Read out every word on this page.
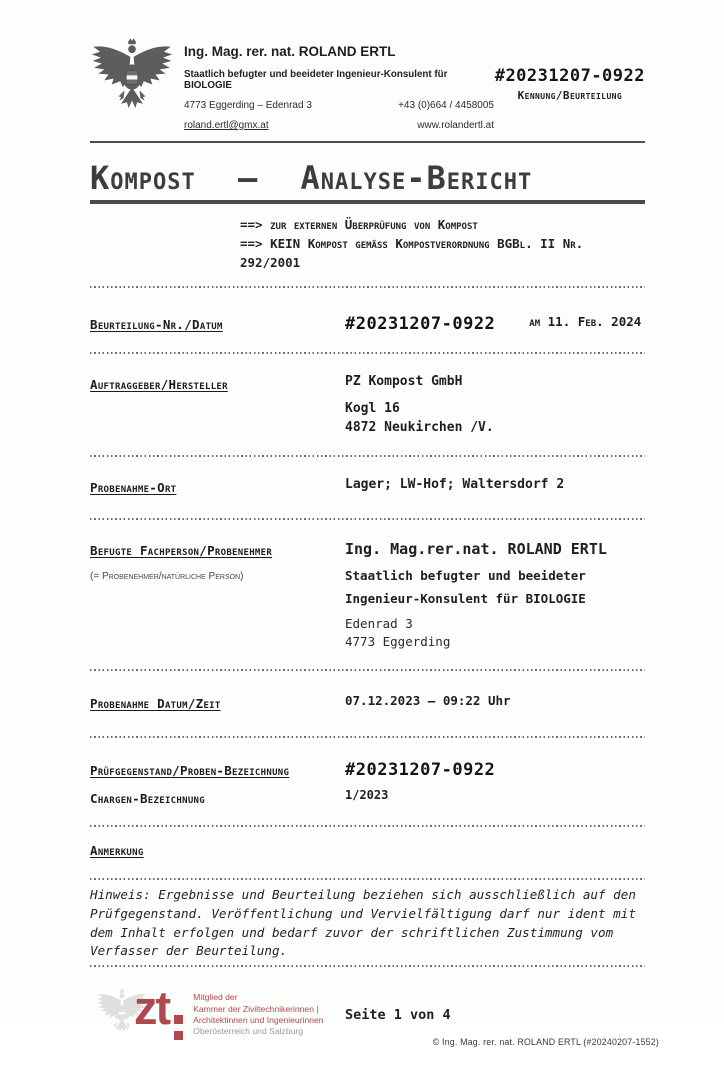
Ing. Mag. rer. nat. ROLAND ERTL
Staatlich befugter und beeideter Ingenieur-Konsulent für BIOLOGIE
4773 Eggerding – Edenrad 3	+43 (0)664 / 4458005
roland.ertl@gmx.at	www.rolandertl.at
#20231207-0922
Kennung/Beurteilung
Kompost – Analyse-Bericht
==> zur externen Überprüfung von Kompost
==> KEIN Kompost gemäß Kompostverordnung BGBl. II Nr. 292/2001
Beurteilung-Nr./Datum	#20231207-0922	am 11. Feb. 2024
Auftraggeber/Hersteller	PZ Kompost GmbH
Kogl 16
4872 Neukirchen /V.
Probenahme-Ort	Lager; LW-Hof; Waltersdorf 2
Befugte Fachperson/Probenehmer
(= Probenehmer/natürliche Person)
Ing. Mag.rer.nat. ROLAND ERTL
Staatlich befugter und beeideter
Ingenieur-Konsulent für BIOLOGIE
Edenrad 3
4773 Eggerding
Probenahme Datum/Zeit	07.12.2023 – 09:22 Uhr
Prüfgegenstand/Proben-Bezeichnung	#20231207-0922
Chargen-Bezeichnung	1/2023
Anmerkung
Hinweis: Ergebnisse und Beurteilung beziehen sich ausschließlich auf den Prüfgegenstand. Veröffentlichung und Vervielfältigung darf nur ident mit dem Inhalt erfolgen und bedarf zuvor der schriftlichen Zustimmung vom Verfasser der Beurteilung.
zt	Mitglied der
Kammer der Ziviltechnikerinnen |
Architektinnen und Ingenieurinnen
Oberösterreich und Salzburg
Seite 1 von 4
© Ing. Mag. rer. nat. ROLAND ERTL (#20240207-1552)
